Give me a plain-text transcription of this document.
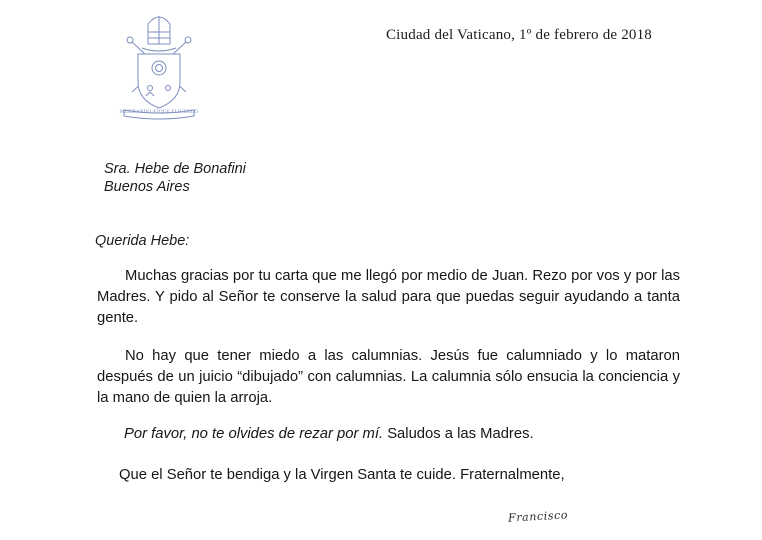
MISERANDO ATQUE ELIGENDO
Ciudad del Vaticano, 1º de febrero de 2018
Sra. Hebe de Bonafini
Buenos Aires
Querida Hebe:
Muchas gracias por tu carta que me llegó por medio de Juan. Rezo por vos y por las Madres. Y pido al Señor te conserve la salud para que puedas seguir ayudando a tanta gente.
No hay que tener miedo a las calumnias. Jesús fue calumniado y lo mataron después de un juicio “dibujado” con calumnias. La calumnia sólo ensucia la conciencia y la mano de quien la arroja.
Por favor, no te olvides de rezar por mí. Saludos a las Madres.
Que el Señor te bendiga y la Virgen Santa te cuide. Fraternalmente,
Francisco
